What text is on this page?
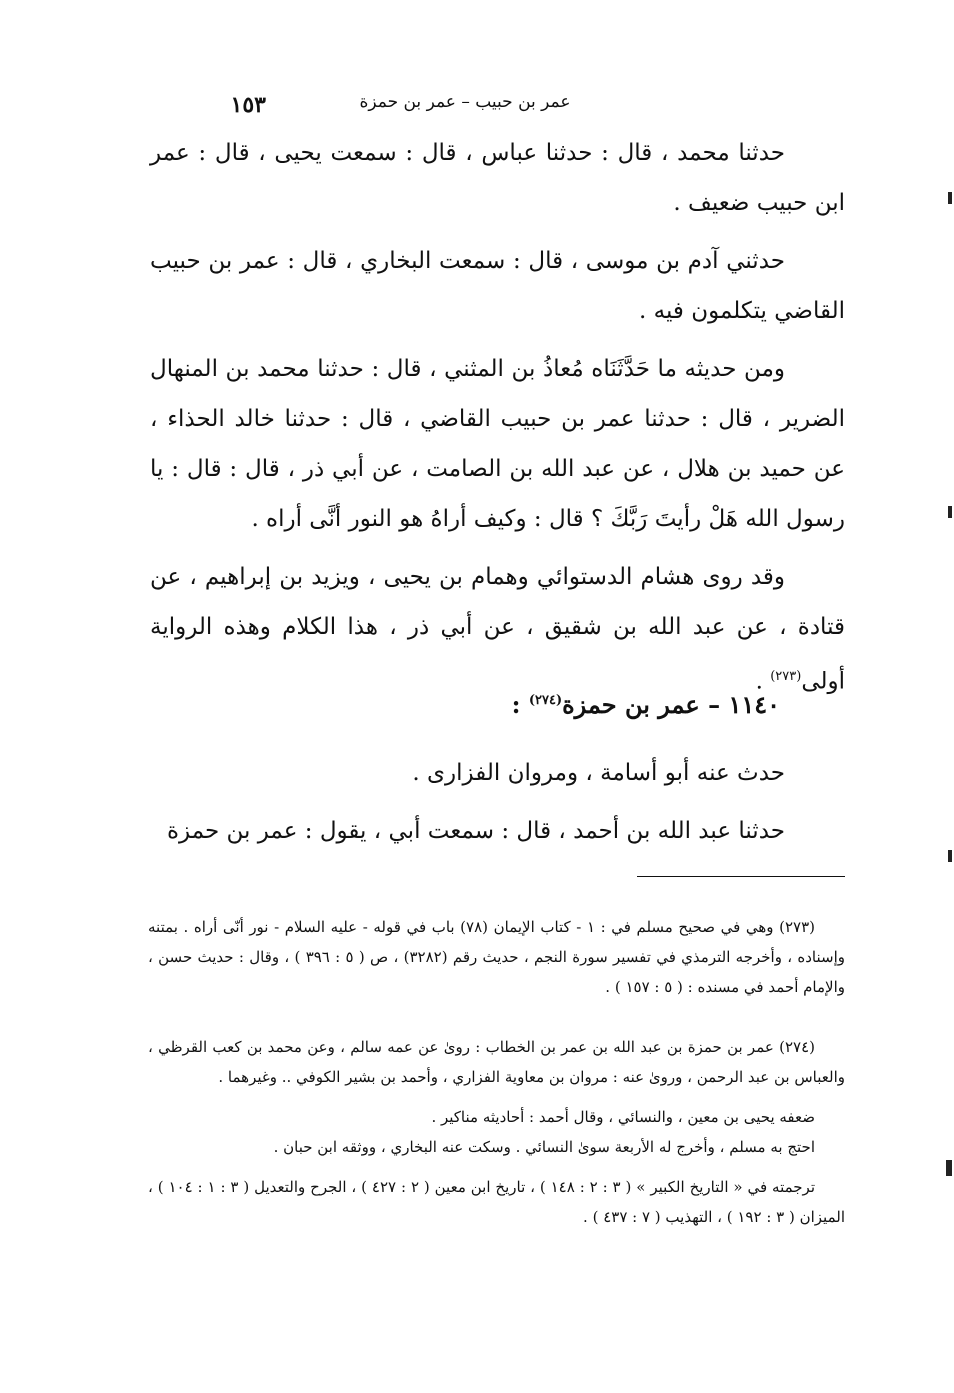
١٥٣	عمر بن حبيب – عمر بن حمزة

حدثنا محمد ، قال : حدثنا عباس ، قال : سمعت يحيى ، قال : عمر ابن حبيب ضعيف .

حدثني آدم بن موسى ، قال : سمعت البخاري ، قال : عمر بن حبيب القاضي يتكلمون فيه .

ومن حديثه ما حَدَّثَنَاه مُعاذُ بن المثني ، قال : حدثنا محمد بن المنهال الضرير ، قال : حدثنا عمر بن حبيب القاضي ، قال : حدثنا خالد الحذاء ، عن حميد بن هلال ، عن عبد الله بن الصامت ، عن أبي ذر ، قال : قال : يا رسول الله هَلْ رأيتَ رَبَّكَ ؟ قال : وكيف أراهُ هو النور أنَّى أراه .

وقد روى هشام الدستوائي وهمام بن يحيى ، ويزيد بن إبراهيم ، عن قتادة ، عن عبد الله بن شقيق ، عن أبي ذر ، هذا الكلام وهذه الرواية أولى$^{(٢٧٣)}$ .

١١٤٠ – عمر بن حمزة$^{(٢٧٤)}$ :

حدث عنه أبو أسامة ، ومروان الفزارى .

حدثنا عبد الله بن أحمد ، قال : سمعت أبي ، يقول : عمر بن حمزة

(٢٧٣) وهي في صحيح مسلم في : ١ - كتاب الإيمان (٧٨) باب في قوله - عليه السلام - نور أنّى أراه . بمتنه وإسناده ، وأخرجه الترمذي في تفسير سورة النجم ، حديث رقم (٣٢٨٢) ، ص ( ٥ : ٣٩٦ ) ، وقال : حديث حسن ، والإمام أحمد في مسنده : ( ٥ : ١٥٧ ) .

(٢٧٤) عمر بن حمزة بن عبد الله بن عمر بن الخطاب : روىٰ عن عمه سالم ، وعن محمد بن كعب القرظي ، والعباس بن عبد الرحمن ، وروىٰ عنه : مروان بن معاوية الفزاري ، وأحمد بن بشير الكوفي .. وغيرهما .

ضعفه يحيى بن معين ، والنسائي ، وقال أحمد : أحاديثه مناكير .

احتج به مسلم ، وأخرج له الأربعة سوىٰ النسائي . وسكت عنه البخاري ، ووثقه ابن حبان .

ترجمته في « التاريخ الكبير » ( ٣ : ٢ : ١٤٨ ) ، تاريخ ابن معين ( ٢ : ٤٢٧ ) ، الجرح والتعديل ( ٣ : ١ : ١٠٤ ) ، الميزان ( ٣ : ١٩٢ ) ، التهذيب ( ٧ : ٤٣٧ ) .
